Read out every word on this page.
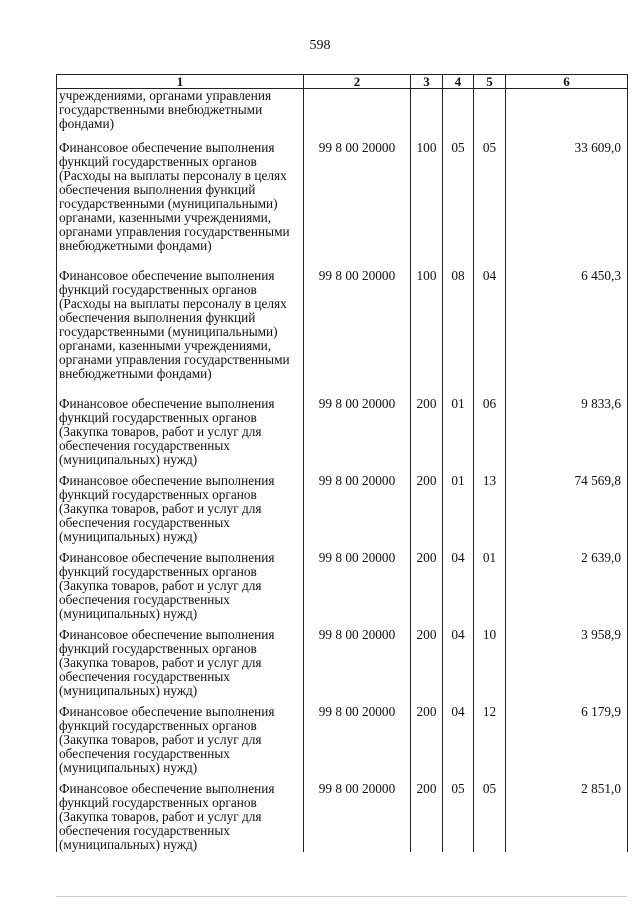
598
1	2	3	4	5	6
учреждениями, органами управления государственными внебюджетными фондами)					
Финансовое обеспечение выполнения функций государственных органов (Расходы на выплаты персоналу в целях обеспечения выполнения функций государственными (муниципальными) органами, казенными учреждениями, органами управления государственными внебюджетными фондами)	99 8 00 20000	100	05	05	33 609,0
Финансовое обеспечение выполнения функций государственных органов (Расходы на выплаты персоналу в целях обеспечения выполнения функций государственными (муниципальными) органами, казенными учреждениями, органами управления государственными внебюджетными фондами)	99 8 00 20000	100	08	04	6 450,3
Финансовое обеспечение выполнения функций государственных органов (Закупка товаров, работ и услуг для обеспечения государственных (муниципальных) нужд)	99 8 00 20000	200	01	06	9 833,6
Финансовое обеспечение выполнения функций государственных органов (Закупка товаров, работ и услуг для обеспечения государственных (муниципальных) нужд)	99 8 00 20000	200	01	13	74 569,8
Финансовое обеспечение выполнения функций государственных органов (Закупка товаров, работ и услуг для обеспечения государственных (муниципальных) нужд)	99 8 00 20000	200	04	01	2 639,0
Финансовое обеспечение выполнения функций государственных органов (Закупка товаров, работ и услуг для обеспечения государственных (муниципальных) нужд)	99 8 00 20000	200	04	10	3 958,9
Финансовое обеспечение выполнения функций государственных органов (Закупка товаров, работ и услуг для обеспечения государственных (муниципальных) нужд)	99 8 00 20000	200	04	12	6 179,9
Финансовое обеспечение выполнения функций государственных органов (Закупка товаров, работ и услуг для обеспечения государственных (муниципальных) нужд)	99 8 00 20000	200	05	05	2 851,0
